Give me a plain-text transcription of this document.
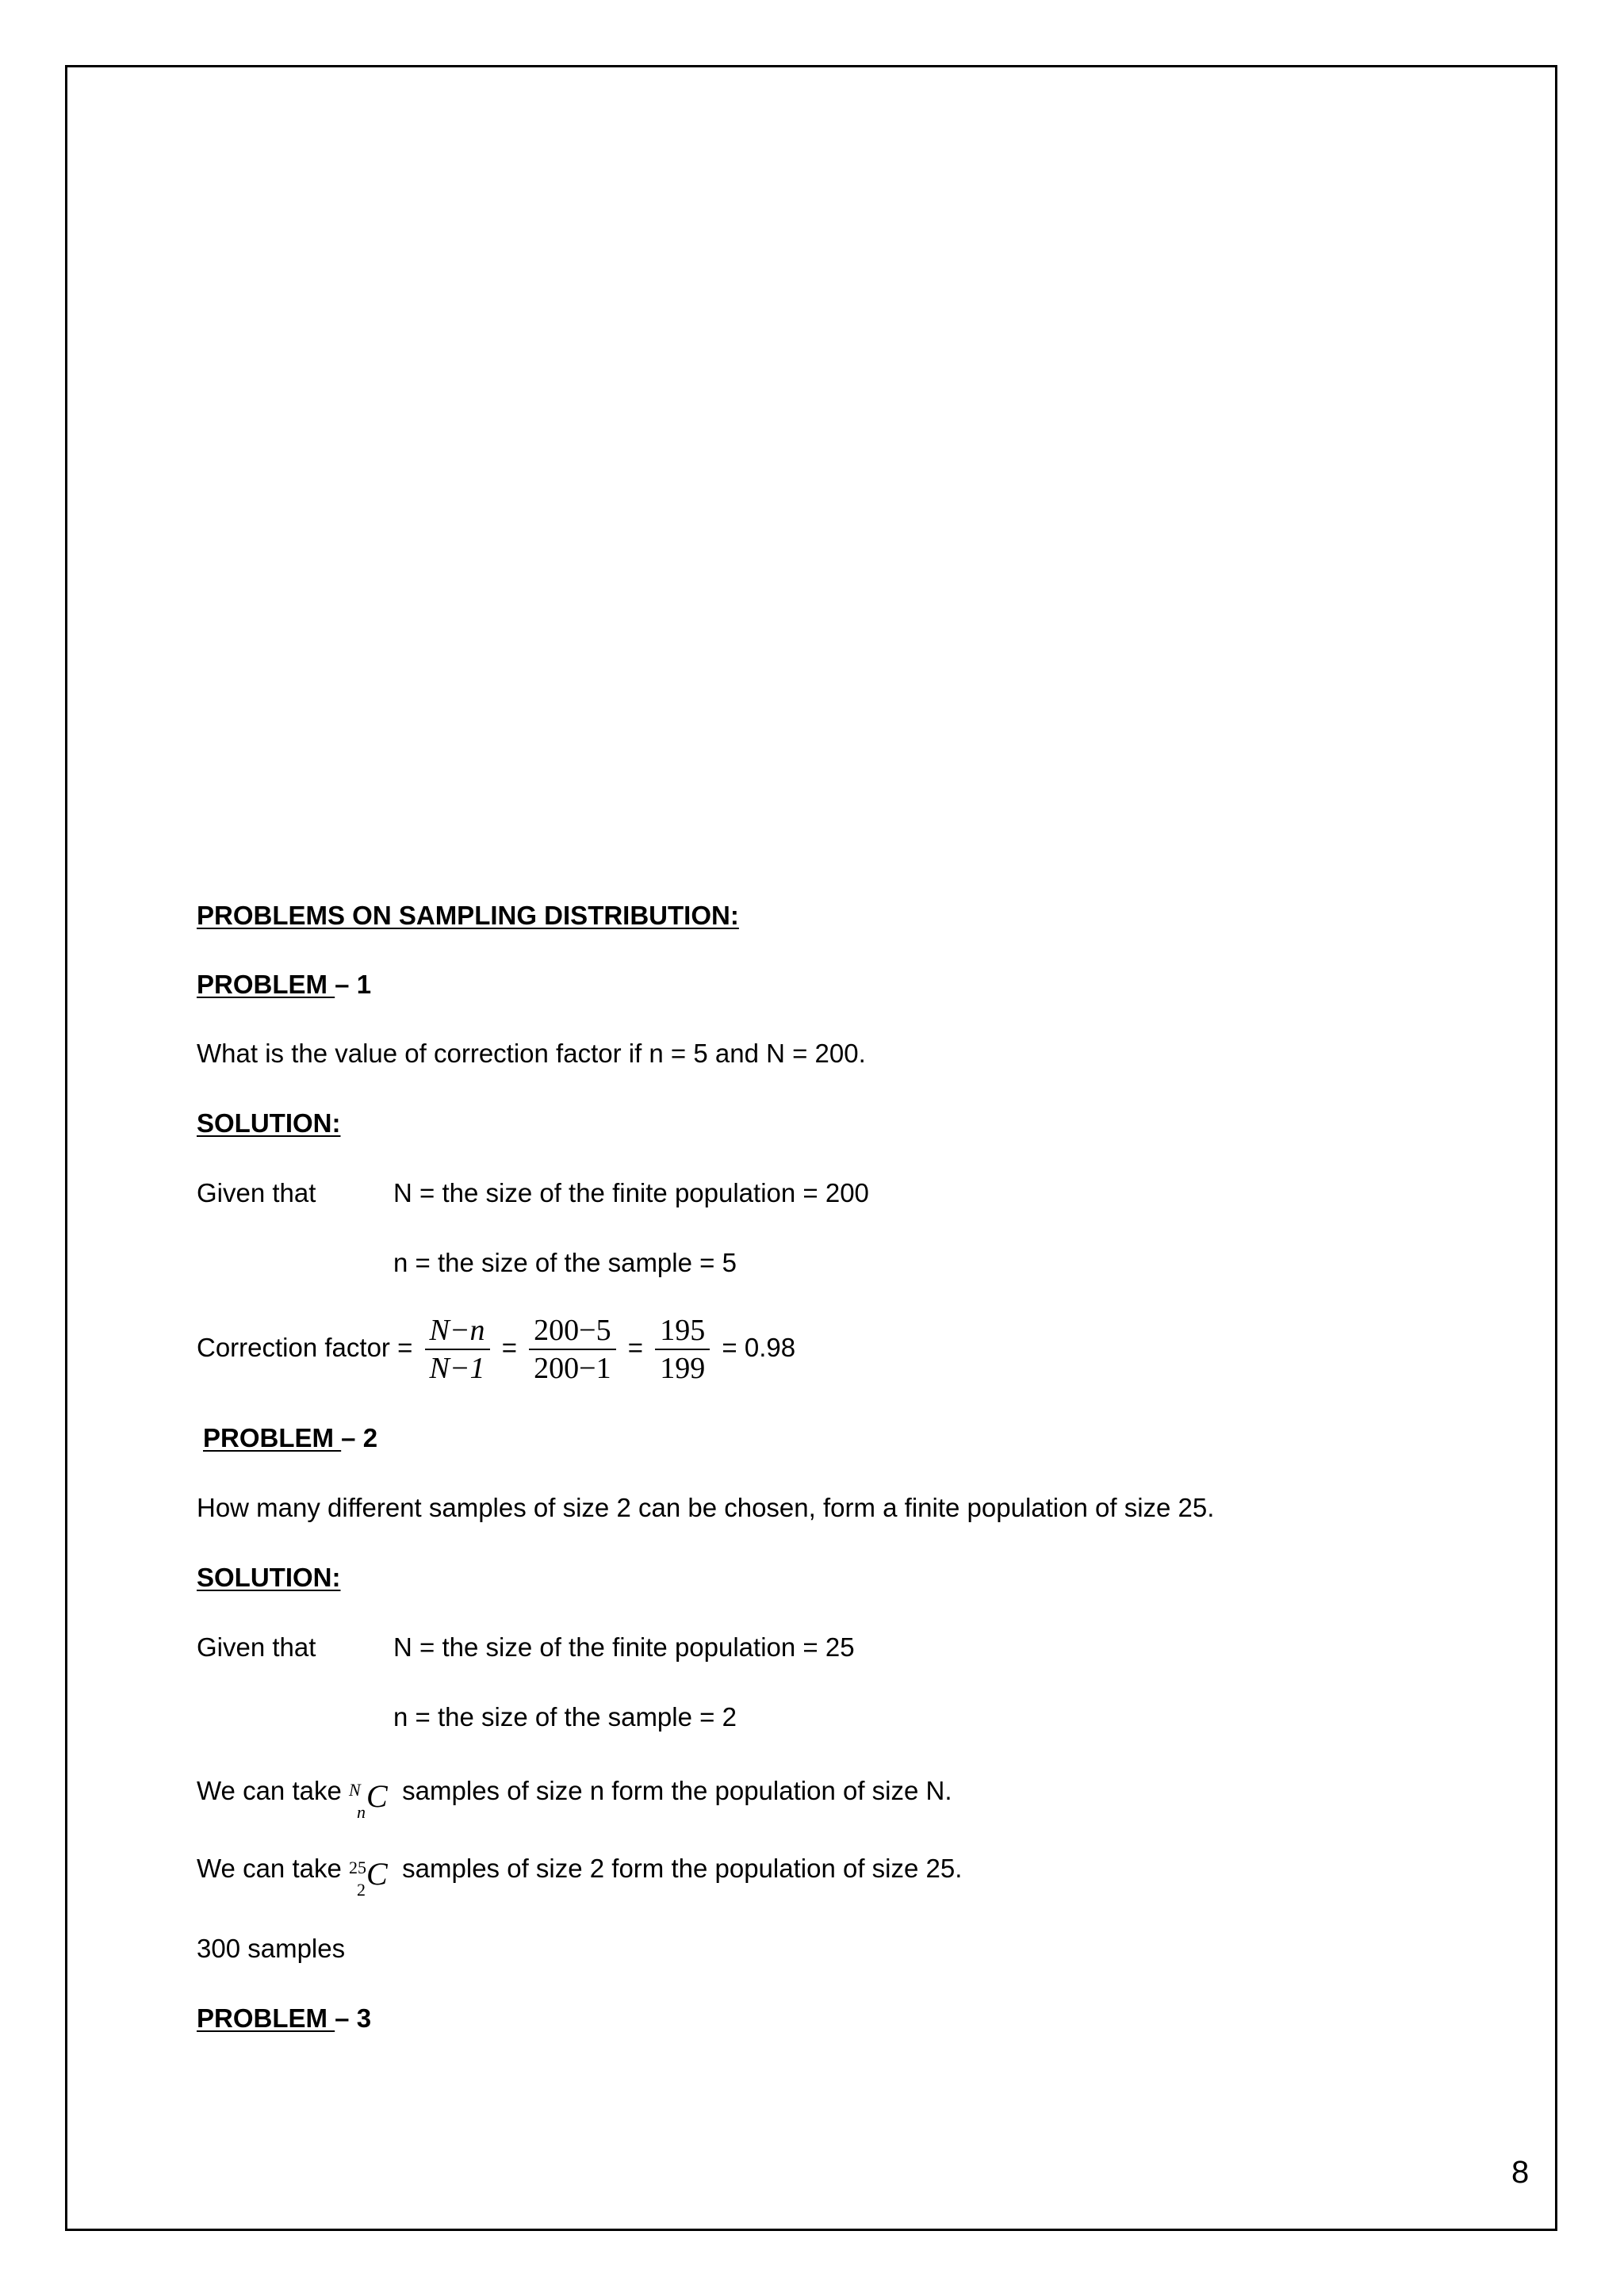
PROBLEMS ON SAMPLING DISTRIBUTION:
PROBLEM – 1
What is the value of correction factor if n = 5 and N = 200.
SOLUTION:
Given that	N = the size of the finite population = 200
n = the size of the sample = 5
Correction factor = $\frac{N-n}{N-1} = \frac{200-5}{200-1} = \frac{195}{199} = 0.98$
PROBLEM – 2
How many different samples of size 2 can be chosen, form a finite population of size 25.
SOLUTION:
Given that	N = the size of the finite population = 25
n = the size of the sample = 2
We can take N
n C samples of size n form the population of size N.
We can take 25
2 C samples of size 2 form the population of size 25.
300 samples
PROBLEM – 3
8
